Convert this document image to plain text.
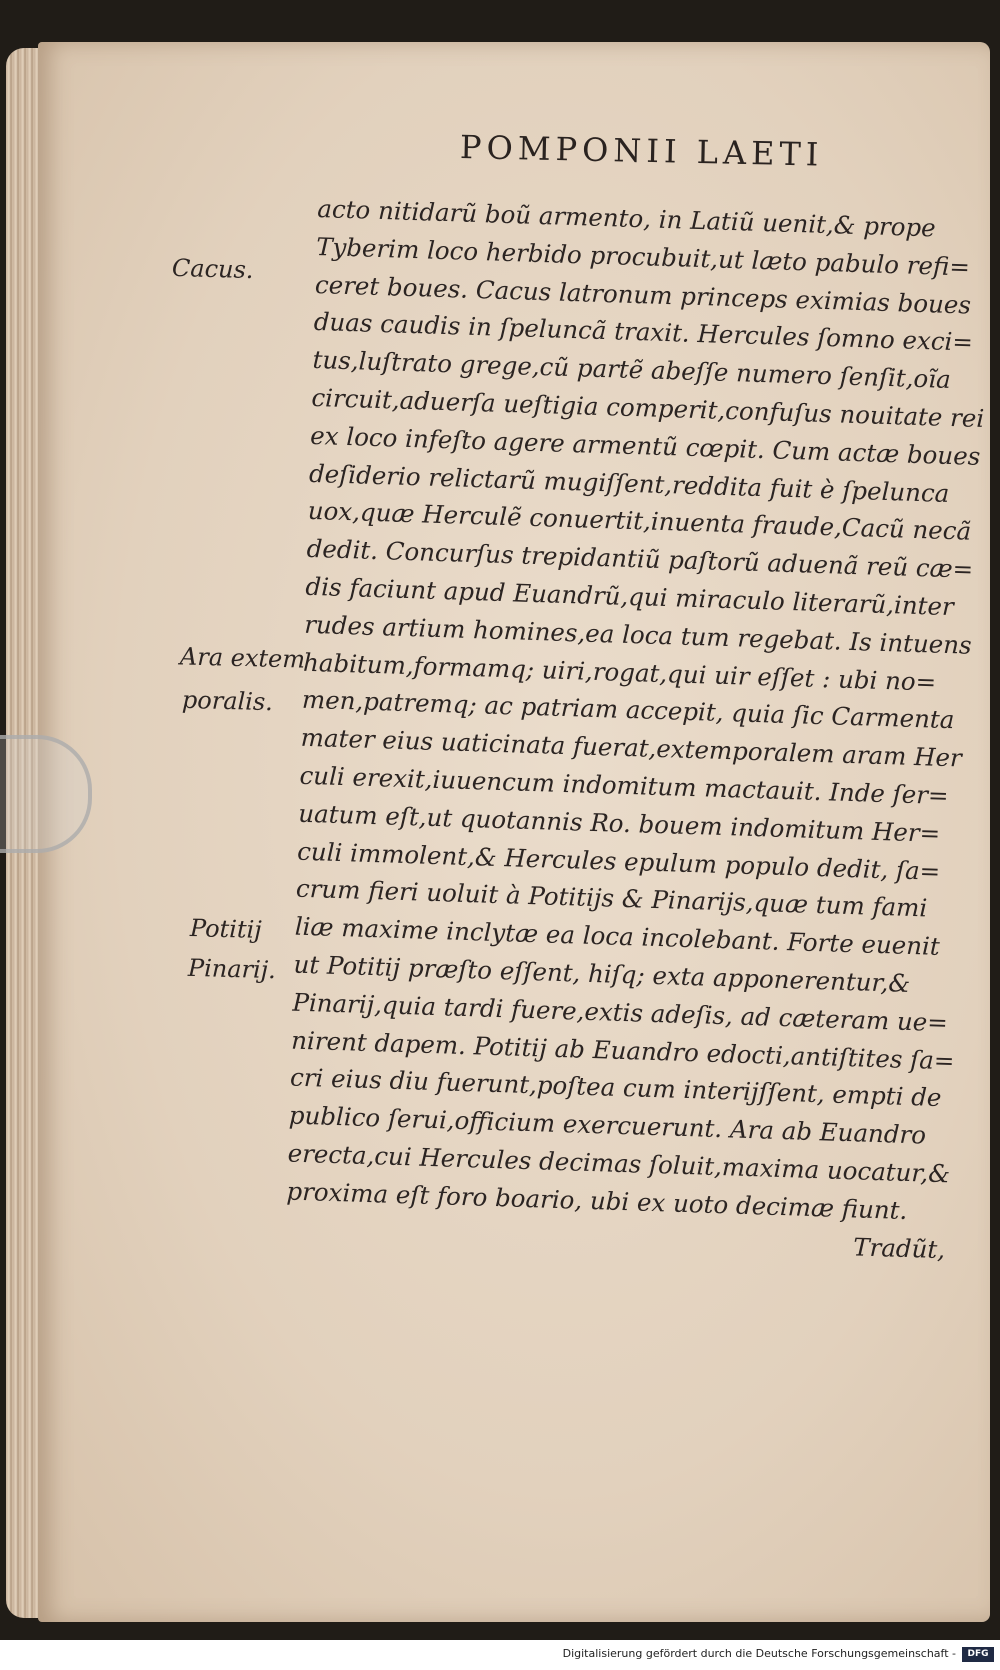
POMPONII LAETI
acto nitidarũ boũ armento, in Latiũ uenit,& prope
Tyberim loco herbido procubuit,ut læto pabulo refi=
ceret boues. Cacus latronum princeps eximias boues
duas caudis in ſpeluncã traxit. Hercules ſomno exci=
tus,luſtrato grege,cũ partẽ abeſſe numero ſenſit,oĩa
circuit,aduerſa ueſtigia comperit,confuſus nouitate rei
ex loco infeſto agere armentũ cœpit. Cum actæ boues
deſiderio relictarũ mugiſſent,reddita fuit è ſpelunca
uox,quæ Herculẽ conuertit,inuenta fraude,Cacũ necã
dedit. Concurſus trepidantiũ paſtorũ aduenã reũ cæ=
dis faciunt apud Euandrũ,qui miraculo literarũ,inter
rudes artium homines,ea loca tum regebat. Is intuens
habitum,formamq; uiri,rogat,qui uir eſſet : ubi no=
men,patremq; ac patriam accepit, quia ſic Carmenta
mater eius uaticinata fuerat,extemporalem aram Her
culi erexit,iuuencum indomitum mactauit. Inde ſer=
uatum eſt,ut quotannis Ro. bouem indomitum Her=
culi immolent,& Hercules epulum populo dedit, ſa=
crum fieri uoluit à Potitijs & Pinarijs,quæ tum fami
liæ maxime inclytæ ea loca incolebant. Forte euenit
ut Potitij præſto eſſent, hiſq; exta apponerentur,&
Pinarij,quia tardi fuere,extis adeſis, ad cæteram ue=
nirent dapem. Potitij ab Euandro edocti,antiſtites ſa=
cri eius diu fuerunt,poſtea cum interijſſent, empti de
publico ſerui,officium exercuerunt. Ara ab Euandro
erecta,cui Hercules decimas ſoluit,maxima uocatur,&
proxima eſt foro boario, ubi ex uoto decimæ fiunt.
Tradũt,
Cacus.
Ara extem
poralis.
Potitij
Pinarij.
Digitalisierung gefördert durch die Deutsche Forschungsgemeinschaft -	DFG
